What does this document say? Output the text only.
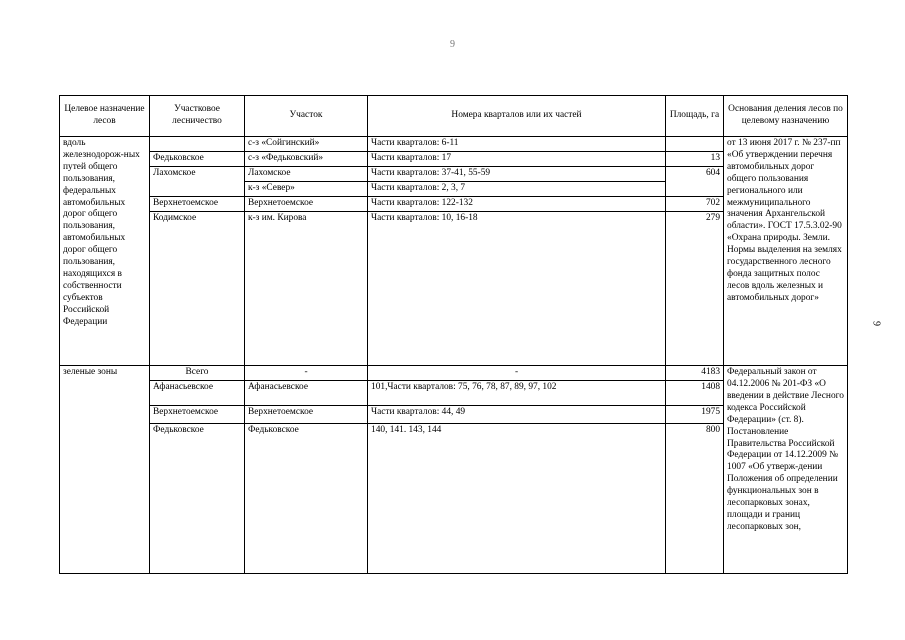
9
9
Целевое назначение лесов	Участковое лесничество	Участок	Номера кварталов или их частей	Площадь, га	Основания деления лесов по целевому назначению
вдоль железнодорож-ных путей общего пользования, федеральных автомобильных дорог общего пользования, автомобильных дорог общего пользования, находящихся в собственности субъектов Российской Федерации		с-з «Сойгинский»	Части кварталов: 6-11		от 13 июня 2017 г. № 237-пп «Об утверждении перечня автомобильных дорог общего пользования регионального или межмуниципального значения Архангельской области». ГОСТ 17.5.3.02-90 «Охрана природы. Земли. Нормы выделения на землях государственного лесного фонда защитных полос лесов вдоль железных и автомобильных дорог»
	Федьковское	с-з «Федьковский»	Части кварталов: 17	13	
	Лахомское	Лахомское	Части кварталов: 37-41, 55-59	604	
		к-з «Север»	Части кварталов: 2, 3, 7		
	Верхнетоемское	Верхнетоемское	Части кварталов: 122-132	702	
	Кодимское	к-з им. Кирова	Части кварталов: 10, 16-18	279	

зеленые зоны	Всего	-	-	4183	Федеральный закон от 04.12.2006 № 201-ФЗ «О введении в действие Лесного кодекса Российской Федерации» (ст. 8). Постановление Правительства Российской Федерации от 14.12.2009 № 1007 «Об утверж-дении Положения об определении функциональных зон в лесопарковых зонах, площади и границ лесопарковых зон,
	Афанасьевское	Афанасьевское	101,Части кварталов: 75, 76, 78, 87, 89, 97, 102	1408	
	Верхнетоемское	Верхнетоемское	Части кварталов: 44, 49	1975	
	Федьковское	Федьковское	140, 141. 143, 144	800	
